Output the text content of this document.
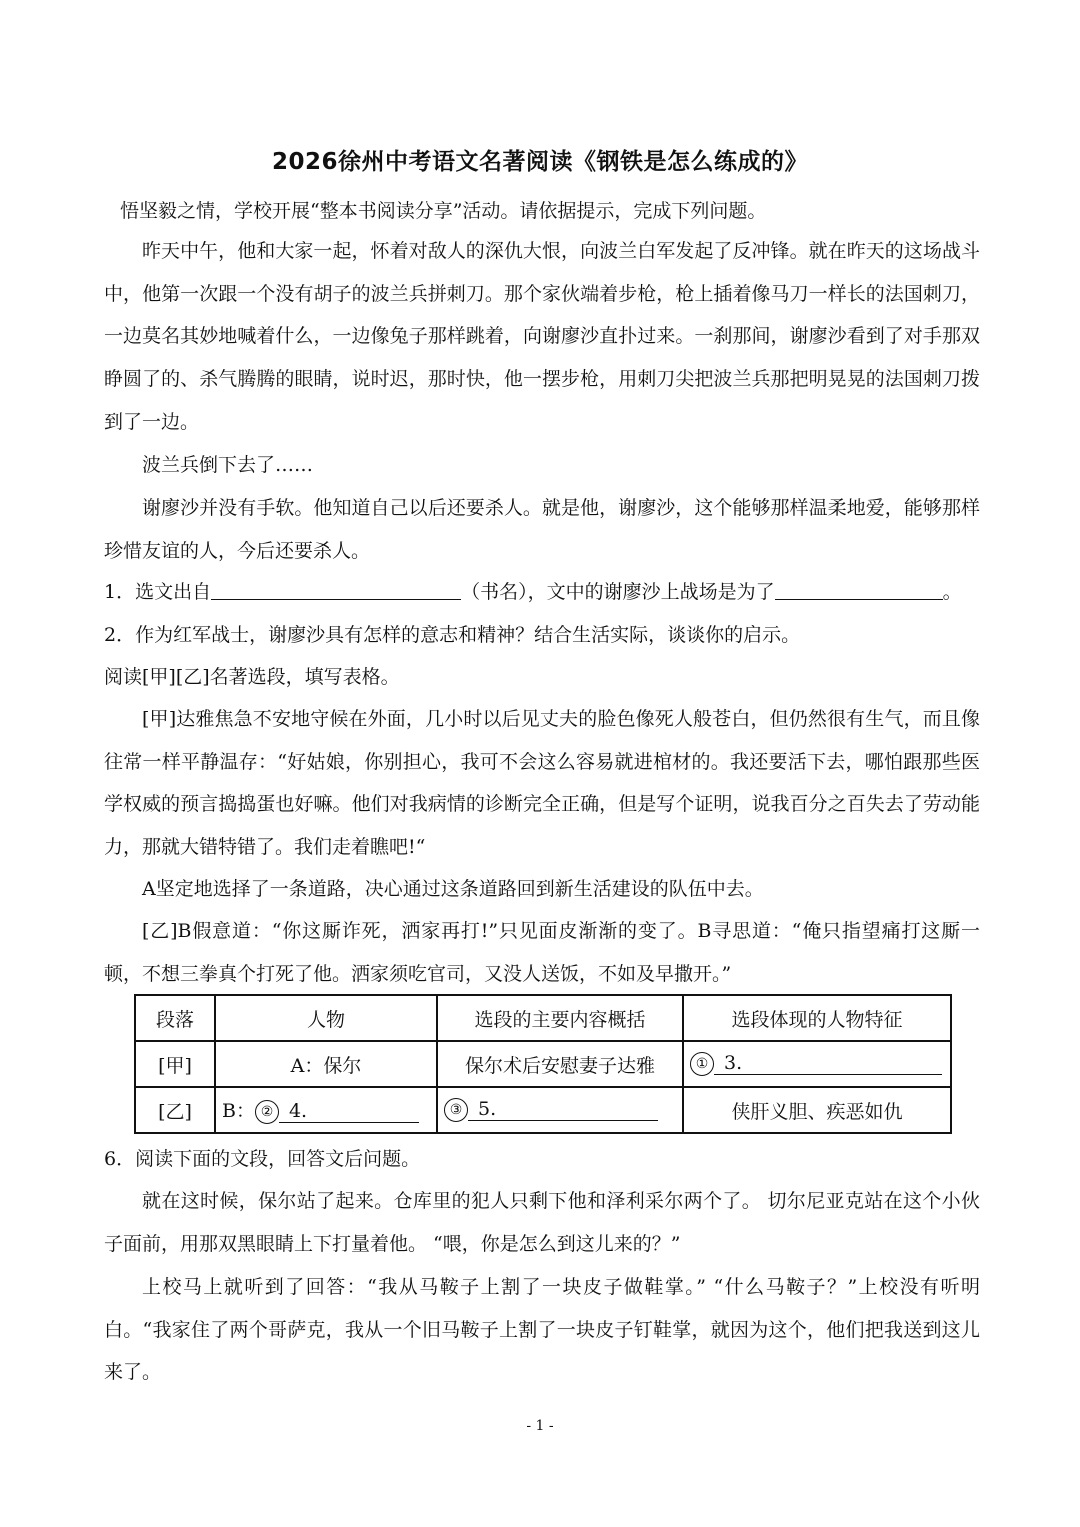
2026徐州中考语文名著阅读《钢铁是怎么练成的》
悟坚毅之情，学校开展“整本书阅读分享”活动。请依据提示，完成下列问题。
昨天中午，他和大家一起，怀着对敌人的深仇大恨，向波兰白军发起了反冲锋。就在昨天的这场战斗中，他第一次跟一个没有胡子的波兰兵拼刺刀。那个家伙端着步枪，枪上插着像马刀一样长的法国刺刀，一边莫名其妙地喊着什么，一边像兔子那样跳着，向谢廖沙直扑过来。一刹那间，谢廖沙看到了对手那双睁圆了的、杀气腾腾的眼睛，说时迟，那时快，他一摆步枪，用刺刀尖把波兰兵那把明晃晃的法国刺刀拨到了一边。
波兰兵倒下去了……
谢廖沙并没有手软。他知道自己以后还要杀人。就是他，谢廖沙，这个能够那样温柔地爱，能够那样珍惜友谊的人，今后还要杀人。
1．选文出自	（书名），文中的谢廖沙上战场是为了	。
2．作为红军战士，谢廖沙具有怎样的意志和精神？结合生活实际，谈谈你的启示。
阅读[甲][乙]名著选段，填写表格。
[甲]达雅焦急不安地守候在外面，几小时以后见丈夫的脸色像死人般苍白，但仍然很有生气，而且像往常一样平静温存：“好姑娘，你别担心，我可不会这么容易就进棺材的。我还要活下去，哪怕跟那些医学权威的预言捣捣蛋也好嘛。他们对我病情的诊断完全正确，但是写个证明，说我百分之百失去了劳动能力，那就大错特错了。我们走着瞧吧!“
A坚定地选择了一条道路，决心通过这条道路回到新生活建设的队伍中去。
[乙]B假意道：“你这厮诈死，洒家再打!”只见面皮渐渐的变了。B寻思道：“俺只指望痛打这厮一顿，不想三拳真个打死了他。洒家须吃官司，又没人送饭，不如及早撒开。”
段落	人物	选段的主要内容概括	选段体现的人物特征
[甲]	A：保尔	保尔术后安慰妻子达雅	① 3.
[乙]	B： ② 4.	③ 5.	侠肝义胆、疾恶如仇
6．阅读下面的文段，回答文后问题。
就在这时候，保尔站了起来。仓库里的犯人只剩下他和泽利采尔两个了。 切尔尼亚克站在这个小伙子面前，用那双黑眼睛上下打量着他。 “喂，你是怎么到这儿来的？”
上校马上就听到了回答：“我从马鞍子上割了一块皮子做鞋掌。” “什么马鞍子？”上校没有听明白。“我家住了两个哥萨克，我从一个旧马鞍子上割了一块皮子钉鞋掌，就因为这个，他们把我送到这儿来了。
- 1 -
